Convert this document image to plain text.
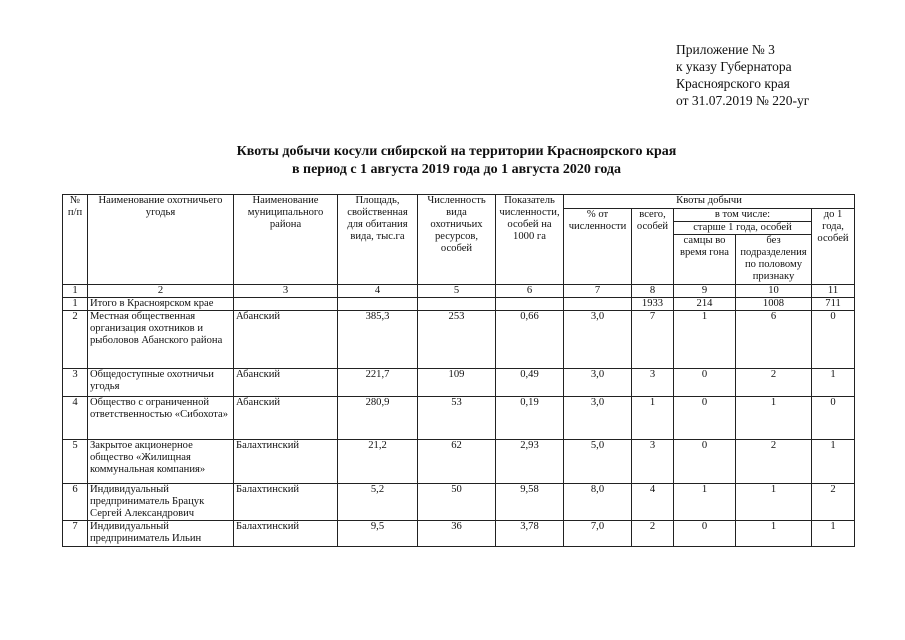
Приложение № 3
к указу Губернатора
Красноярского края
от 31.07.2019 № 220-уг
Квоты добычи косули сибирской на территории Красноярского края
в период с 1 августа 2019 года до 1 августа 2020 года
№ п/п	Наименование охотничьего угодья	Наименование муниципального района	Площадь, свойственная для обитания вида, тыс.га	Численность вида охотничьих ресурсов, особей	Показатель численности, особей на 1000 га	Квоты добычи				
						% от численности	всего, особей	в том числе:		до 1 года, особей
								старше 1 года, особей		
								самцы во время гона	без подразделения по половому признаку	
1	2	3	4	5	6	7	8	9	10	11
1	Итого в Красноярском крае						1933	214	1008	711
2	Местная общественная организация охотников и рыболовов Абанского района	Абанский	385,3	253	0,66	3,0	7	1	6	0
3	Общедоступные охотничьи угодья	Абанский	221,7	109	0,49	3,0	3	0	2	1
4	Общество с ограниченной ответственностью «Сибохота»	Абанский	280,9	53	0,19	3,0	1	0	1	0
5	Закрытое акционерное общество «Жилищная коммунальная компания»	Балахтинский	21,2	62	2,93	5,0	3	0	2	1
6	Индивидуальный предприниматель Брацук Сергей Александрович	Балахтинский	5,2	50	9,58	8,0	4	1	1	2
7	Индивидуальный предприниматель Ильин	Балахтинский	9,5	36	3,78	7,0	2	0	1	1
